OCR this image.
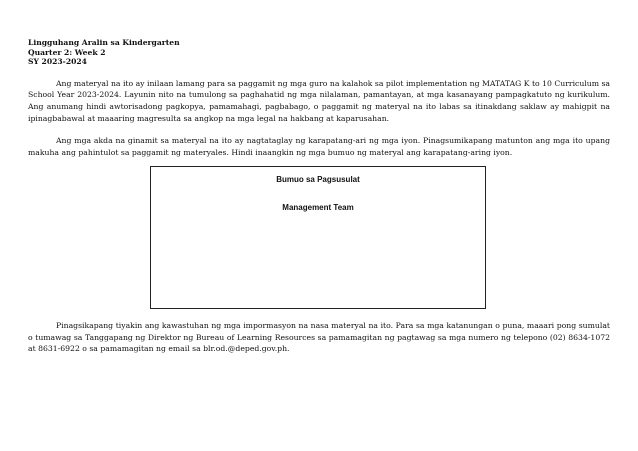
Lingguhang Aralin sa Kindergarten

Quarter 2: Week 2

SY 2023-2024

Ang materyal na ito ay inilaan lamang para sa paggamit ng mga guro na kalahok sa pilot implementation ng MATATAG K to 10 Curriculum sa School Year 2023-2024. Layunin nito na tumulong sa paghahatid ng mga nilalaman, pamantayan, at mga kasanayang pampagkatuto ng kurikulum. Ang anumang hindi awtorisadong pagkopya, pamamahagi, pagbabago, o paggamit ng materyal na ito labas sa itinakdang saklaw ay mahigpit na ipinagbabawal at maaaring magresulta sa angkop na mga legal na hakbang at kaparusahan.

Ang mga akda na ginamit sa materyal na ito ay nagtataglay ng karapatang-ari ng mga iyon. Pinagsumikapang matunton ang mga ito upang makuha ang pahintulot sa paggamit ng materyales. Hindi inaangkin ng mga bumuo ng materyal ang karapatang-aring iyon.

Bumuo sa Pagsusulat

Management Team

Pinagsikapang tiyakin ang kawastuhan ng mga impormasyon na nasa materyal na ito. Para sa mga katanungan o puna, maaari pong sumulat o tumawag sa Tanggapang ng Direktor ng Bureau of Learning Resources sa pamamagitan ng pagtawag sa mga numero ng telepono (02) 8634-1072 at 8631-6922 o sa pamamagitan ng email sa blr.od.@deped.gov.ph.
